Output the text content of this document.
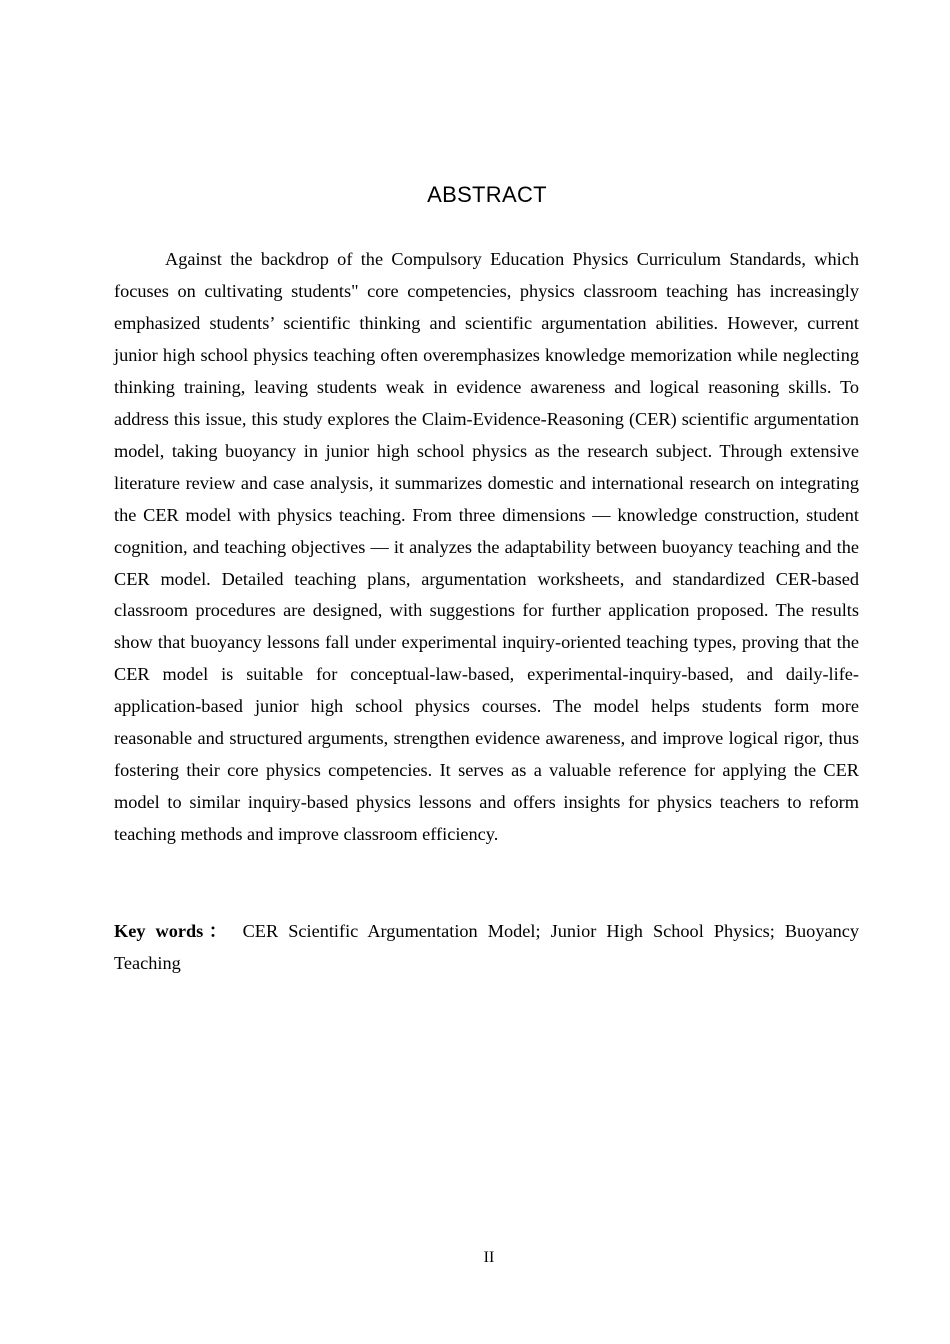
ABSTRACT

Against the backdrop of the Compulsory Education Physics Curriculum Standards, which focuses on cultivating students" core competencies, physics classroom teaching has increasingly emphasized students’ scientific thinking and scientific argumentation abilities. However, current junior high school physics teaching often overemphasizes knowledge memorization while neglecting thinking training, leaving students weak in evidence awareness and logical reasoning skills. To address this issue, this study explores the Claim-Evidence-Reasoning (CER) scientific argumentation model, taking buoyancy in junior high school physics as the research subject. Through extensive literature review and case analysis, it summarizes domestic and international research on integrating the CER model with physics teaching. From three dimensions — knowledge construction, student cognition, and teaching objectives — it analyzes the adaptability between buoyancy teaching and the CER model. Detailed teaching plans, argumentation worksheets, and standardized CER-based classroom procedures are designed, with suggestions for further application proposed. The results show that buoyancy lessons fall under experimental inquiry-oriented teaching types, proving that the CER model is suitable for conceptual-law-based, experimental-inquiry-based, and daily-life-application-based junior high school physics courses. The model helps students form more reasonable and structured arguments, strengthen evidence awareness, and improve logical rigor, thus fostering their core physics competencies. It serves as a valuable reference for applying the CER model to similar inquiry-based physics lessons and offers insights for physics teachers to reform teaching methods and improve classroom efficiency.

Key words： CER Scientific Argumentation Model; Junior High School Physics; Buoyancy Teaching

II
